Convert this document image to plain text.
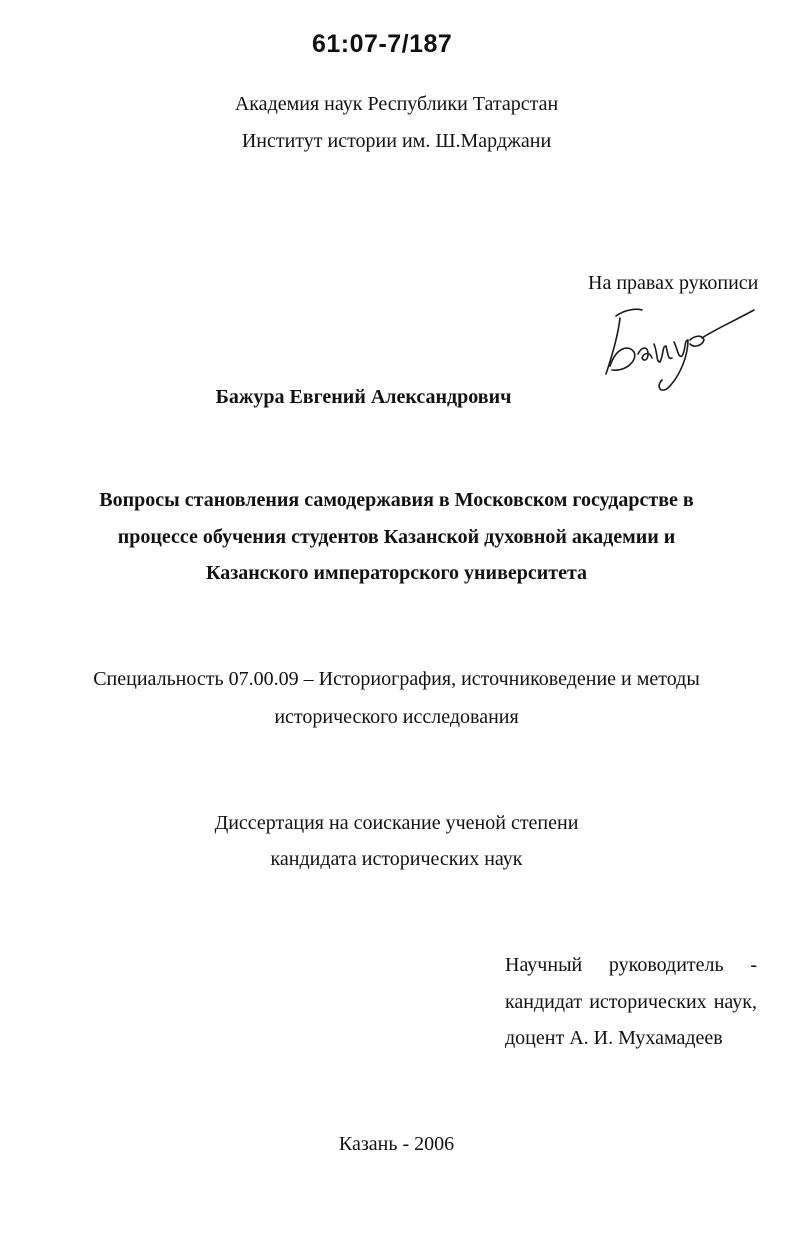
61:07-7/187
Академия наук Республики Татарстан
Институт истории им. Ш.Марджани
На правах рукописи
Бажура Евгений Александрович
Вопросы становления самодержавия в Московском государстве в
процессе обучения студентов Казанской духовной академии и
Казанского императорского университета
Специальность 07.00.09 – Историография, источниковедение и методы
исторического исследования
Диссертация на соискание ученой степени
кандидата исторических наук
Научный руководитель -
кандидат исторических наук,
доцент А. И. Мухамадеев
Казань - 2006
